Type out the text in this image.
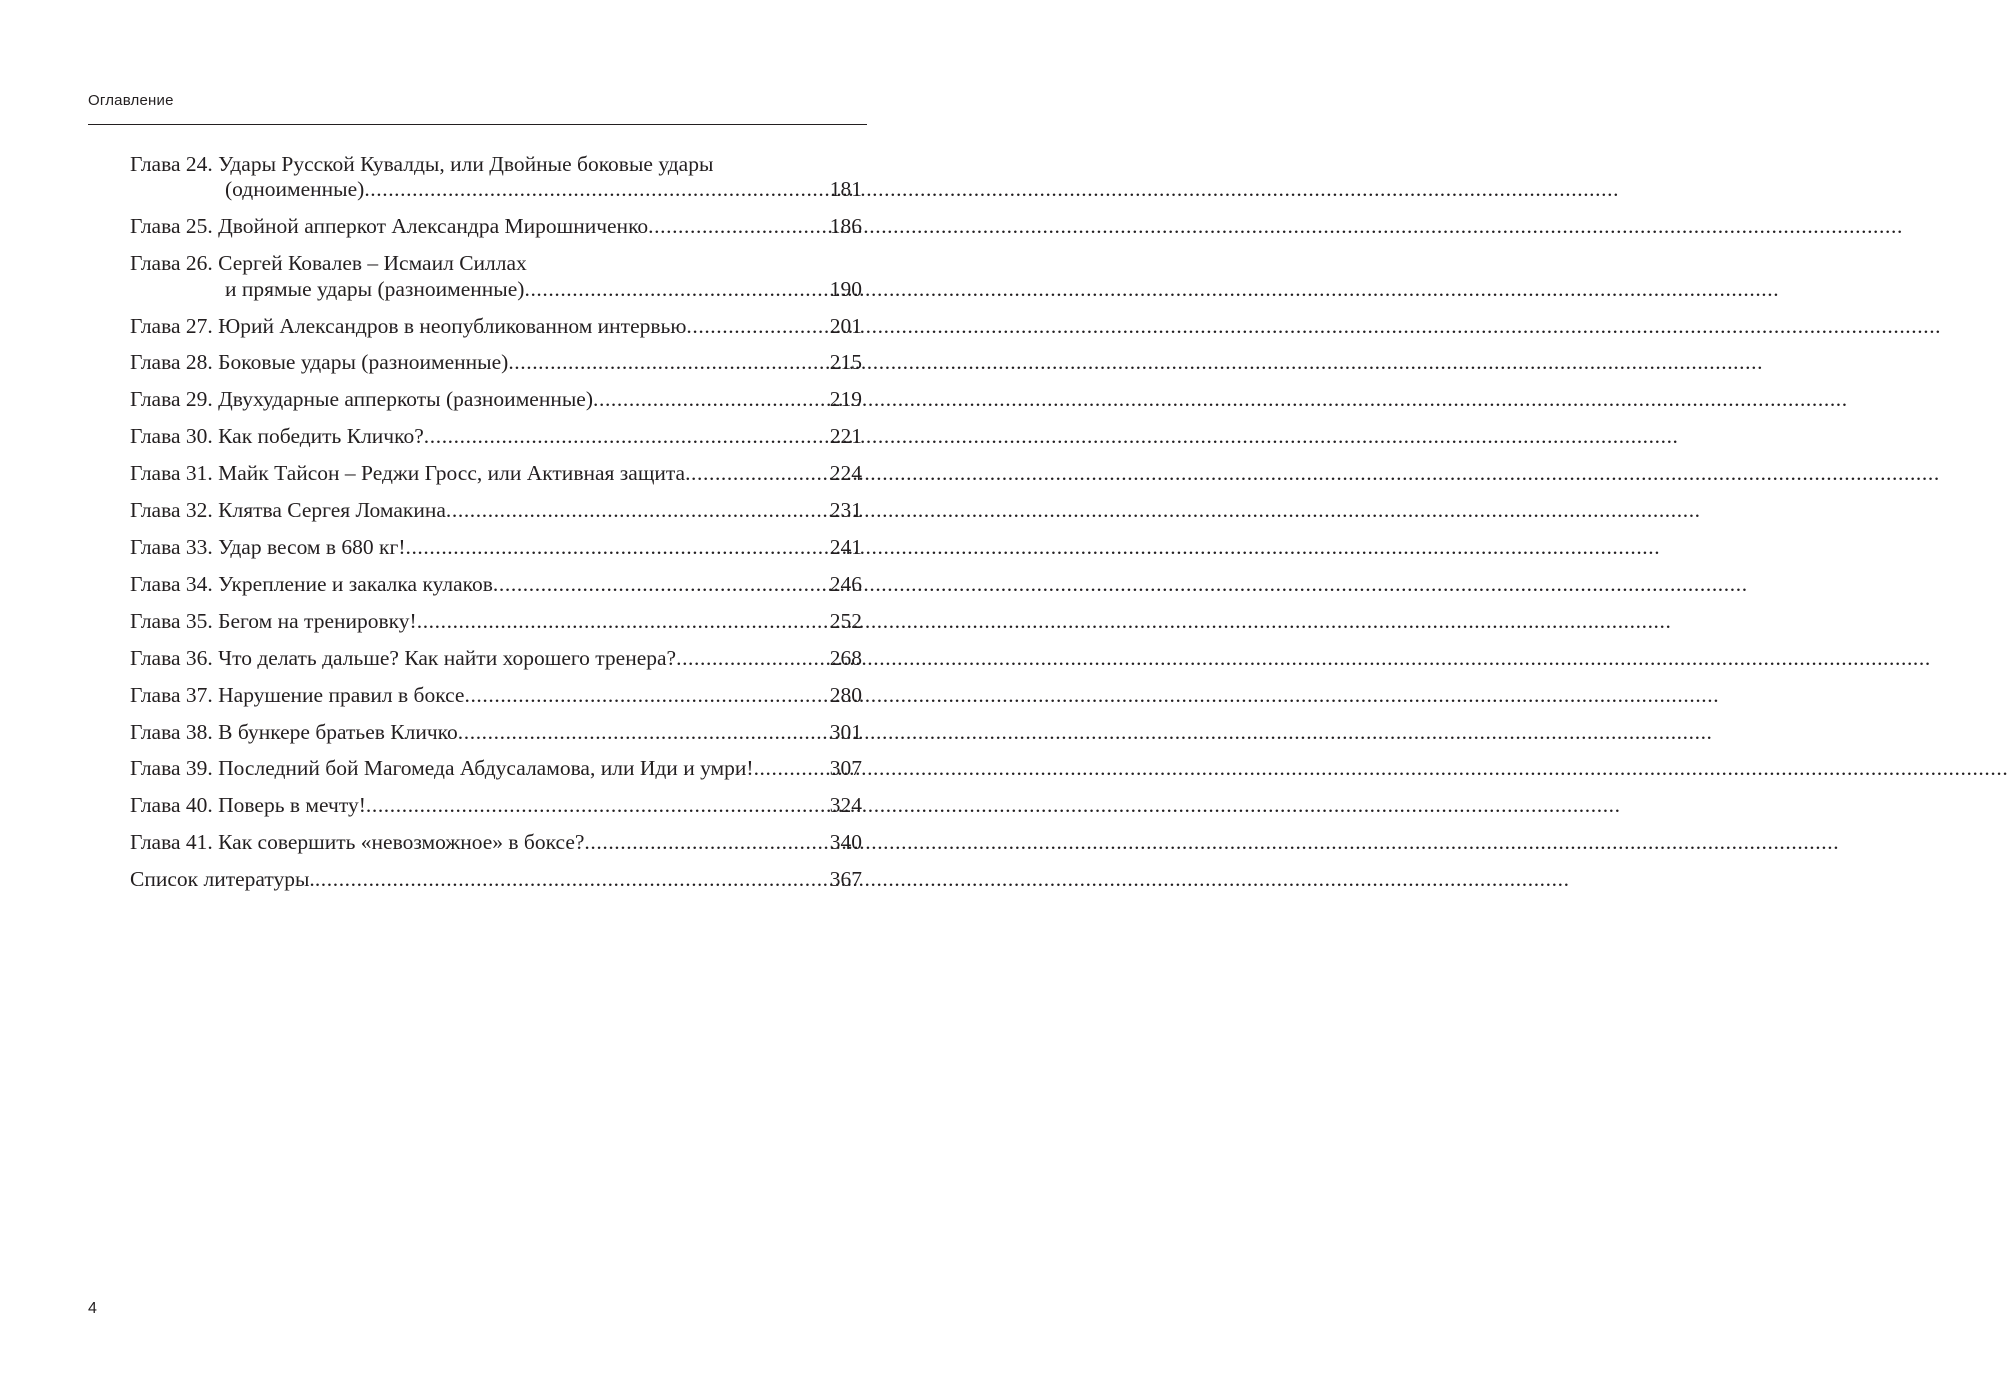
Оглавление
Глава 24. Удары Русской Кувалды, или Двойные боковые удары
(одноименные) .....	181
Глава 25. Двойной апперкот Александра Мирошниченко .....	186
Глава 26. Сергей Ковалев – Исмаил Силлах
и прямые удары (разноименные) .....	190
Глава 27. Юрий Александров в неопубликованном интервью .....	201
Глава 28. Боковые удары (разноименные) .....	215
Глава 29. Двухударные апперкоты (разноименные) .....	219
Глава 30. Как победить Кличко? .....	221
Глава 31. Майк Тайсон – Реджи Гросс, или Активная защита .....	224
Глава 32. Клятва Сергея Ломакина .....	231
Глава 33. Удар весом в 680 кг! .....	241
Глава 34. Укрепление и закалка кулаков .....	246
Глава 35. Бегом на тренировку! .....	252
Глава 36. Что делать дальше? Как найти хорошего тренера? .....	268
Глава 37. Нарушение правил в боксе .....	280
Глава 38. В бункере братьев Кличко .....	301
Глава 39. Последний бой Магомеда Абдусаламова, или Иди и умри! .....	307
Глава 40. Поверь в мечту! .....	324
Глава 41. Как совершить «невозможное» в боксе? .....	340
Список литературы. .....	367
4
